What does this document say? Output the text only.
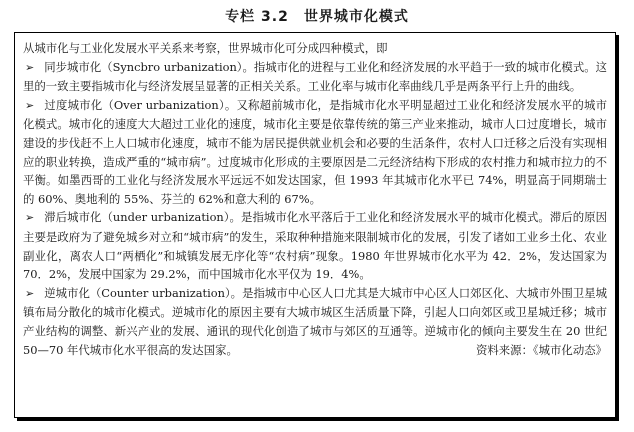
专栏 3.2　世界城市化模式

从城市化与工业化发展水平关系来考察，世界城市化可分成四种模式，即

➢ 同步城市化（Syncbro urbanization）。指城市化的进程与工业化和经济发展的水平趋于一致的城市化模式。这里的一致主要指城市化与经济发展呈显著的正相关关系。工业化率与城市化率曲线几乎是两条平行上升的曲线。

➢ 过度城市化（Over urbanization）。又称超前城市化，是指城市化水平明显超过工业化和经济发展水平的城市化模式。城市化的速度大大超过工业化的速度，城市化主要是依靠传统的第三产业来推动，城市人口过度增长，城市建设的步伐赶不上人口城市化速度，城市不能为居民提供就业机会和必要的生活条件，农村人口迁移之后没有实现相应的职业转换，造成严重的“城市病”。过度城市化形成的主要原因是二元经济结构下形成的农村推力和城市拉力的不平衡。如墨西哥的工业化与经济发展水平远远不如发达国家，但 1993 年其城市化水平已 74%，明显高于同期瑞士的 60%、奥地利的 55%、芬兰的 62%和意大利的 67%。

➢ 滞后城市化（under urbanization）。是指城市化水平落后于工业化和经济发展水平的城市化模式。滞后的原因主要是政府为了避免城乡对立和“城市病”的发生，采取种种措施来限制城市化的发展，引发了诸如工业乡土化、农业副业化，离农人口“两栖化”和城镇发展无序化等“农村病”现象。1980 年世界城市化水平为 42．2%，发达国家为 70．2%，发展中国家为 29.2%，而中国城市化水平仅为 19．4%。

➢ 逆城市化（Counter urbanization）。是指城市中心区人口尤其是大城市中心区人口郊区化、大城市外围卫星城镇布局分散化的城市化模式。逆城市化的原因主要有大城市城区生活质量下降，引起人口向郊区或卫星城迁移；城市产业结构的调整、新兴产业的发展、通讯的现代化创造了城市与郊区的互通等。逆城市化的倾向主要发生在 20 世纪 50—70 年代城市化水平很高的发达国家。	资料来源：《城市化动态》
